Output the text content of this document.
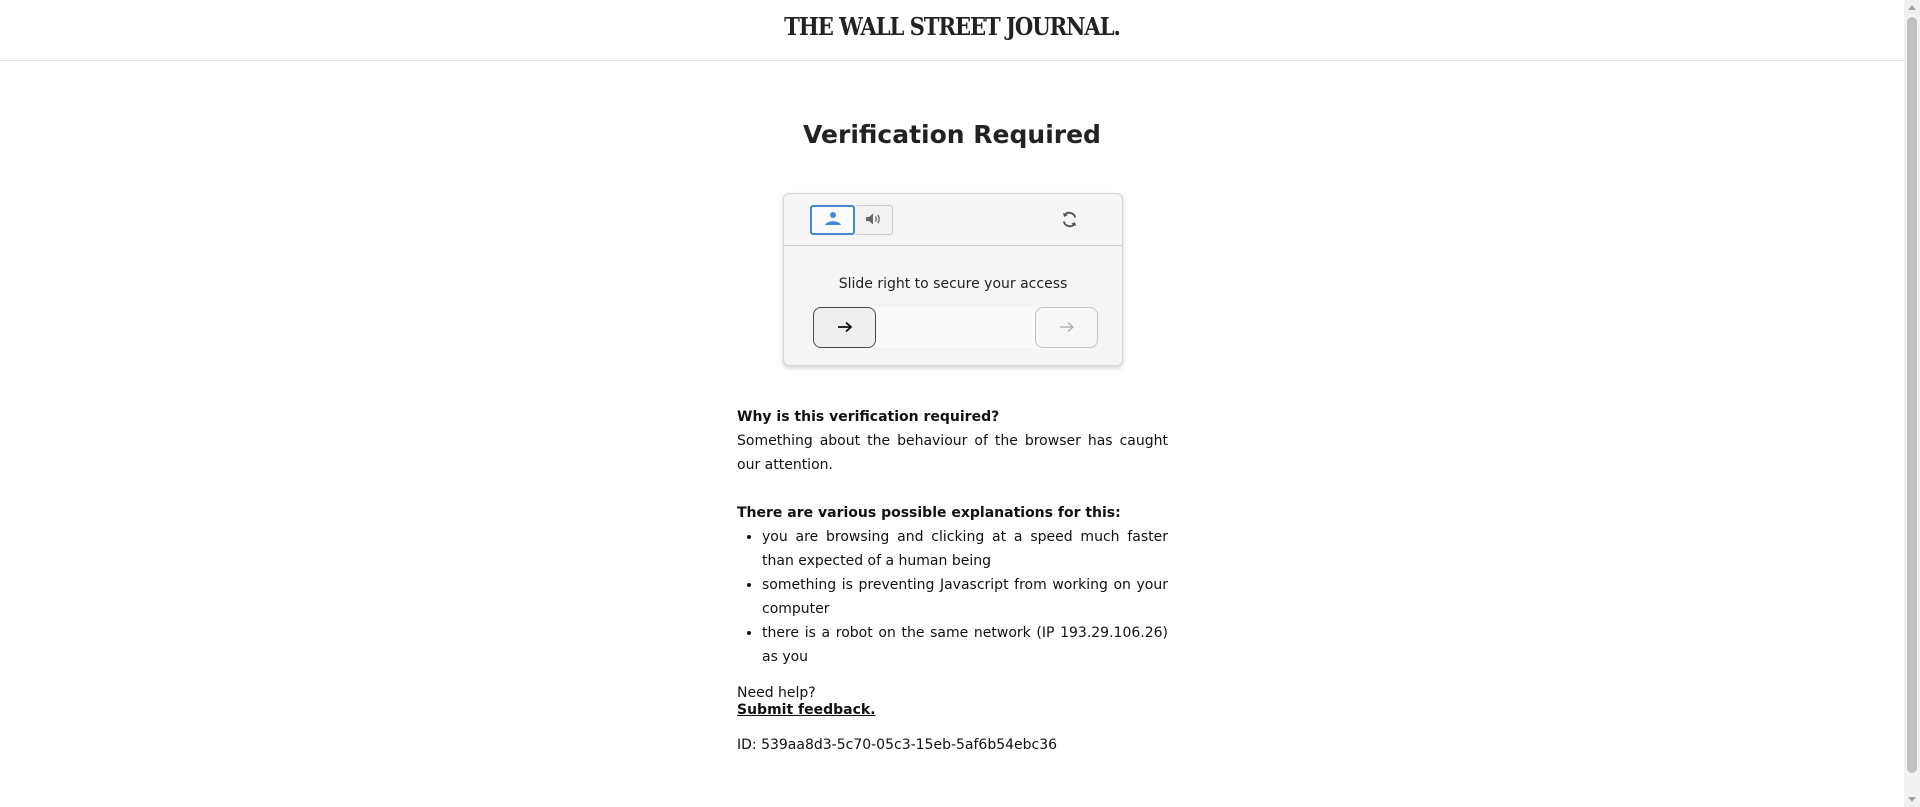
THE WALL STREET JOURNAL.
Verification Required
Slide right to secure your access

Why is this verification required?

Something about the behaviour of the browser has caught our attention.

There are various possible explanations for this:

• you are browsing and clicking at a speed much faster than expected of a human being
• something is preventing Javascript from working on your computer
• there is a robot on the same network (IP 193.29.106.26) as you
Need help?
Submit feedback.
ID: 539aa8d3-5c70-05c3-15eb-5af6b54ebc36
